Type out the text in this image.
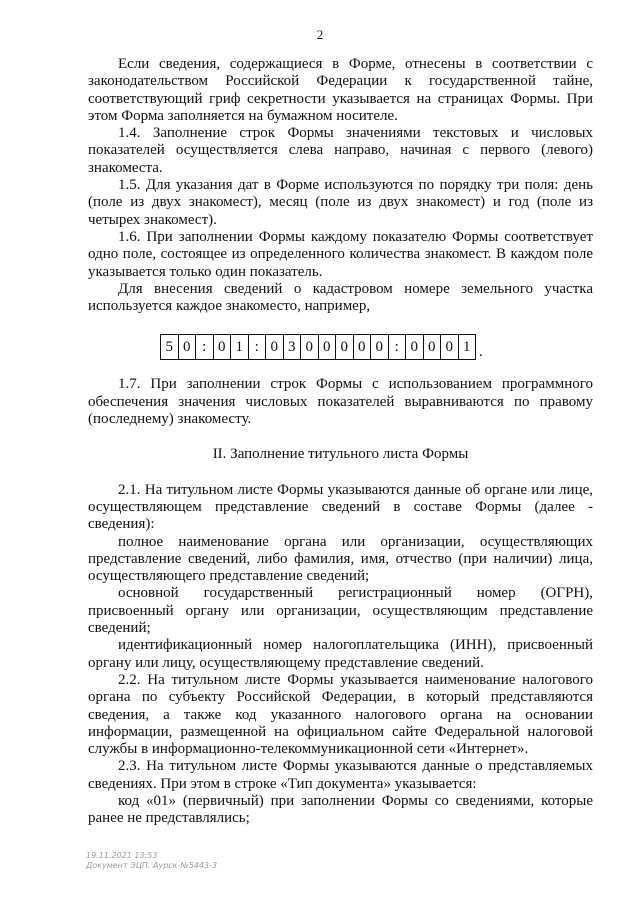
2

Если сведения, содержащиеся в Форме, отнесены в соответствии с законодательством Российской Федерации к государственной тайне, соответствующий гриф секретности указывается на страницах Формы. При этом Форма заполняется на бумажном носителе.

1.4. Заполнение строк Формы значениями текстовых и числовых показателей осуществляется слева направо, начиная с первого (левого) знакоместа.

1.5. Для указания дат в Форме используются по порядку три поля: день (поле из двух знакомест), месяц (поле из двух знакомест) и год (поле из четырех знакомест).

1.6. При заполнении Формы каждому показателю Формы соответствует одно поле, состоящее из определенного количества знакомест. В каждом поле указывается только один показатель.

Для внесения сведений о кадастровом номере земельного участка используется каждое знакоместо, например,

5 0 : 0 1 : 0 3 0 0 0 0 0 : 0 0 0 1 .

1.7. При заполнении строк Формы с использованием программного обеспечения значения числовых показателей выравниваются по правому (последнему) знакоместу.

II. Заполнение титульного листа Формы

2.1. На титульном листе Формы указываются данные об органе или лице, осуществляющем представление сведений в составе Формы (далее - сведения):

полное наименование органа или организации, осуществляющих представление сведений, либо фамилия, имя, отчество (при наличии) лица, осуществляющего представление сведений;

основной государственный регистрационный номер (ОГРН), присвоенный органу или организации, осуществляющим представление сведений;

идентификационный номер налогоплательщика (ИНН), присвоенный органу или лицу, осуществляющему представление сведений.

2.2. На титульном листе Формы указывается наименование налогового органа по субъекту Российской Федерации, в который представляются сведения, а также код указанного налогового органа на основании информации, размещенной на официальном сайте Федеральной налоговой службы в информационно-телекоммуникационной сети «Интернет».

2.3. На титульном листе Формы указываются данные о представляемых сведениях. При этом в строке «Тип документа» указывается:

код «01» (первичный) при заполнении Формы со сведениями, которые ранее не представлялись;

19.11.2021 13:53
Документ ЭЦП. Аурск-№5443-3
